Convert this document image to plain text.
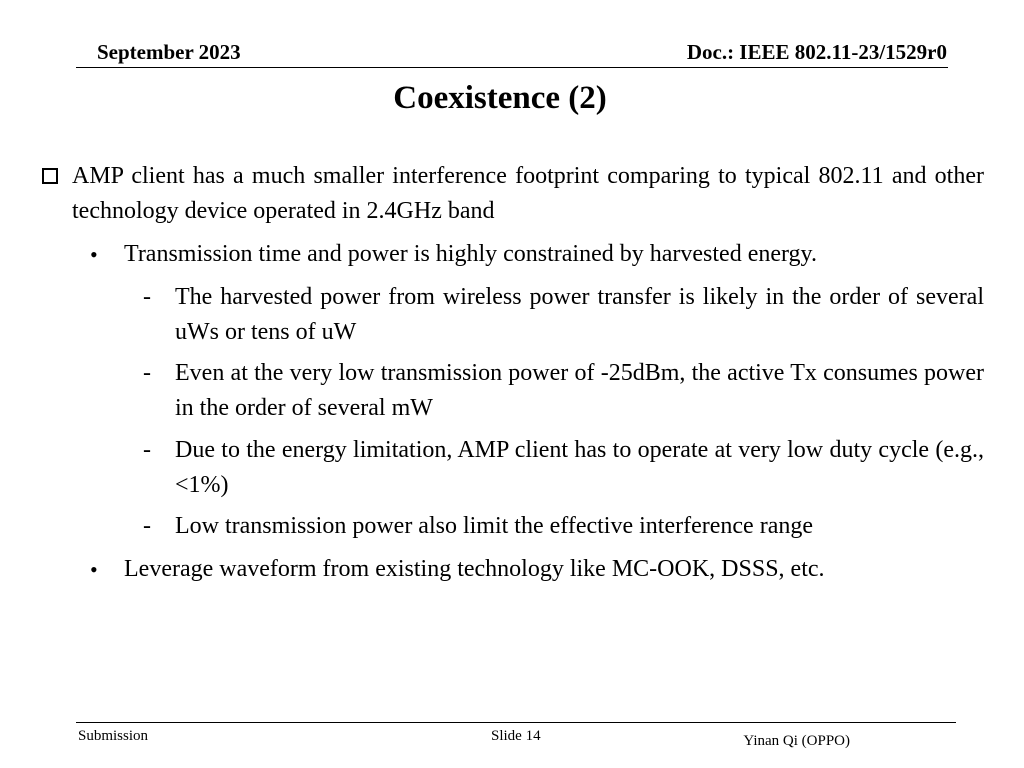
September 2023	Doc.: IEEE 802.11-23/1529r0
Coexistence (2)
AMP client has a much smaller interference footprint comparing to typical 802.11 and other technology device operated in 2.4GHz band
• Transmission time and power is highly constrained by harvested energy.
- The harvested power from wireless power transfer is likely in the order of several uWs or tens of uW
- Even at the very low transmission power of -25dBm, the active Tx consumes power in the order of several mW
- Due to the energy limitation, AMP client has to operate at very low duty cycle (e.g., <1%)
- Low transmission power also limit the effective interference range
• Leverage waveform from existing technology like MC-OOK, DSSS, etc.
Submission	Slide 14	Yinan Qi (OPPO)
